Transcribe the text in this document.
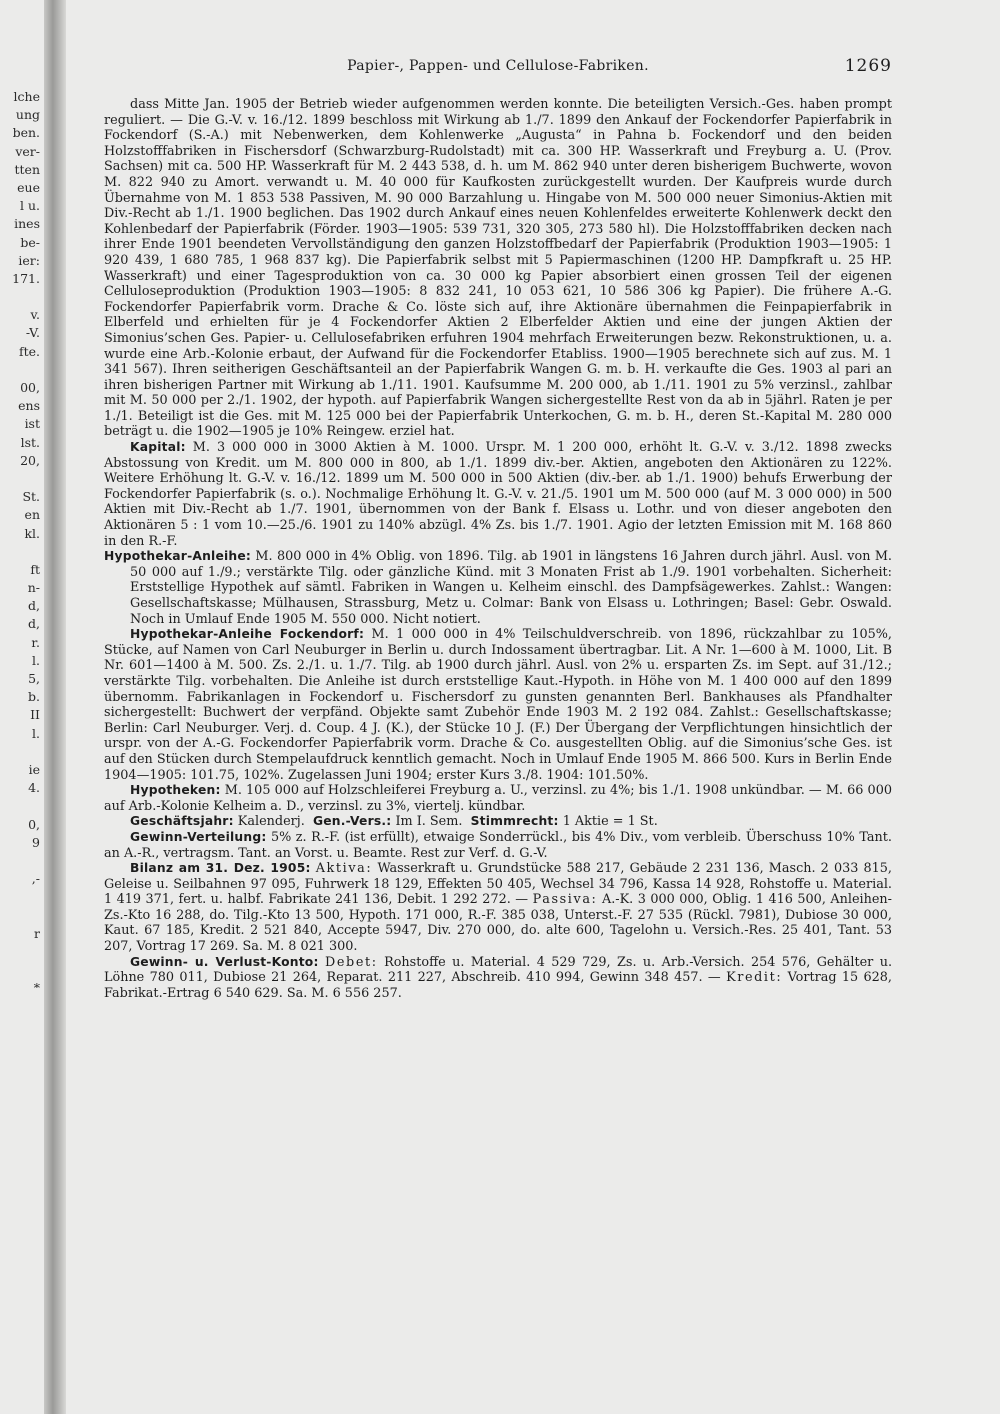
lche
ung
ben.
ver-
tten
eue
l u.
ines
be-
ier:
171.
v.
-V.
fte.
00,
ens
ist
lst.
20,
St.
en
kl.
ft
n-
d,
d,
r.
l.
5,
b.
II
l.
ie
4.
0,
9
,-
r
*
Papier-, Pappen- und Cellulose-Fabriken.	1269

dass Mitte Jan. 1905 der Betrieb wieder aufgenommen werden konnte. Die beteiligten Versich.-Ges. haben prompt reguliert. — Die G.-V. v. 16./12. 1899 beschloss mit Wirkung ab 1./7. 1899 den Ankauf der Fockendorfer Papierfabrik in Fockendorf (S.-A.) mit Nebenwerken, dem Kohlenwerke „Augusta“ in Pahna b. Fockendorf und den beiden Holzstofffabriken in Fischersdorf (Schwarzburg-Rudolstadt) mit ca. 300 HP. Wasserkraft und Freyburg a. U. (Prov. Sachsen) mit ca. 500 HP. Wasserkraft für M. 2 443 538, d. h. um M. 862 940 unter deren bisherigem Buchwerte, wovon M. 822 940 zu Amort. verwandt u. M. 40 000 für Kaufkosten zurückgestellt wurden. Der Kaufpreis wurde durch Übernahme von M. 1 853 538 Passiven, M. 90 000 Barzahlung u. Hingabe von M. 500 000 neuer Simonius-Aktien mit Div.-Recht ab 1./1. 1900 beglichen. Das 1902 durch Ankauf eines neuen Kohlenfeldes erweiterte Kohlenwerk deckt den Kohlenbedarf der Papierfabrik (Förder. 1903—1905: 539 731, 320 305, 273 580 hl). Die Holzstofffabriken decken nach ihrer Ende 1901 beendeten Vervollständigung den ganzen Holzstoffbedarf der Papierfabrik (Produktion 1903—1905: 1 920 439, 1 680 785, 1 968 837 kg). Die Papierfabrik selbst mit 5 Papiermaschinen (1200 HP. Dampfkraft u. 25 HP. Wasserkraft) und einer Tagesproduktion von ca. 30 000 kg Papier absorbiert einen grossen Teil der eigenen Celluloseproduktion (Produktion 1903—1905: 8 832 241, 10 053 621, 10 586 306 kg Papier). Die frühere A.-G. Fockendorfer Papierfabrik vorm. Drache & Co. löste sich auf, ihre Aktionäre übernahmen die Feinpapierfabrik in Elberfeld und erhielten für je 4 Fockendorfer Aktien 2 Elberfelder Aktien und eine der jungen Aktien der Simonius’schen Ges. Papier- u. Cellulosefabriken erfuhren 1904 mehrfach Erweiterungen bezw. Rekonstruktionen, u. a. wurde eine Arb.-Kolonie erbaut, der Aufwand für die Fockendorfer Etabliss. 1900—1905 berechnete sich auf zus. M. 1 341 567). Ihren seitherigen Geschäftsanteil an der Papierfabrik Wangen G. m. b. H. verkaufte die Ges. 1903 al pari an ihren bisherigen Partner mit Wirkung ab 1./11. 1901. Kaufsumme M. 200 000, ab 1./11. 1901 zu 5% verzinsl., zahlbar mit M. 50 000 per 2./1. 1902, der hypoth. auf Papierfabrik Wangen sichergestellte Rest von da ab in 5jährl. Raten je per 1./1. Beteiligt ist die Ges. mit M. 125 000 bei der Papierfabrik Unterkochen, G. m. b. H., deren St.-Kapital M. 280 000 beträgt u. die 1902—1905 je 10% Reingew. erziel hat.

Kapital: M. 3 000 000 in 3000 Aktien à M. 1000. Urspr. M. 1 200 000, erhöht lt. G.-V. v. 3./12. 1898 zwecks Abstossung von Kredit. um M. 800 000 in 800, ab 1./1. 1899 div.-ber. Aktien, angeboten den Aktionären zu 122%. Weitere Erhöhung lt. G.-V. v. 16./12. 1899 um M. 500 000 in 500 Aktien (div.-ber. ab 1./1. 1900) behufs Erwerbung der Fockendorfer Papierfabrik (s. o.). Nochmalige Erhöhung lt. G.-V. v. 21./5. 1901 um M. 500 000 (auf M. 3 000 000) in 500 Aktien mit Div.-Recht ab 1./7. 1901, übernommen von der Bank f. Elsass u. Lothr. und von dieser angeboten den Aktionären 5 : 1 vom 10.—25./6. 1901 zu 140% abzügl. 4% Zs. bis 1./7. 1901. Agio der letzten Emission mit M. 168 860 in den R.-F.

Hypothekar-Anleihe: M. 800 000 in 4% Oblig. von 1896. Tilg. ab 1901 in längstens 16 Jahren durch jährl. Ausl. von M. 50 000 auf 1./9.; verstärkte Tilg. oder gänzliche Künd. mit 3 Monaten Frist ab 1./9. 1901 vorbehalten. Sicherheit: Erststellige Hypothek auf sämtl. Fabriken in Wangen u. Kelheim einschl. des Dampfsägewerkes. Zahlst.: Wangen: Gesellschaftskasse; Mülhausen, Strassburg, Metz u. Colmar: Bank von Elsass u. Lothringen; Basel: Gebr. Oswald. Noch in Umlauf Ende 1905 M. 550 000. Nicht notiert.

Hypothekar-Anleihe Fockendorf: M. 1 000 000 in 4% Teilschuldverschreib. von 1896, rückzahlbar zu 105%, Stücke, auf Namen von Carl Neuburger in Berlin u. durch Indossament übertragbar. Lit. A Nr. 1—600 à M. 1000, Lit. B Nr. 601—1400 à M. 500. Zs. 2./1. u. 1./7. Tilg. ab 1900 durch jährl. Ausl. von 2% u. ersparten Zs. im Sept. auf 31./12.; verstärkte Tilg. vorbehalten. Die Anleihe ist durch erststellige Kaut.-Hypoth. in Höhe von M. 1 400 000 auf den 1899 übernomm. Fabrikanlagen in Fockendorf u. Fischersdorf zu gunsten genannten Berl. Bankhauses als Pfandhalter sichergestellt: Buchwert der verpfänd. Objekte samt Zubehör Ende 1903 M. 2 192 084. Zahlst.: Gesellschaftskasse; Berlin: Carl Neuburger. Verj. d. Coup. 4 J. (K.), der Stücke 10 J. (F.) Der Übergang der Verpflichtungen hinsichtlich der urspr. von der A.-G. Fockendorfer Papierfabrik vorm. Drache & Co. ausgestellten Oblig. auf die Simonius’sche Ges. ist auf den Stücken durch Stempelaufdruck kenntlich gemacht. Noch in Umlauf Ende 1905 M. 866 500. Kurs in Berlin Ende 1904—1905: 101.75, 102%. Zugelassen Juni 1904; erster Kurs 3./8. 1904: 101.50%.

Hypotheken: M. 105 000 auf Holzschleiferei Freyburg a. U., verzinsl. zu 4%; bis 1./1. 1908 unkündbar. — M. 66 000 auf Arb.-Kolonie Kelheim a. D., verzinsl. zu 3%, viertelj. kündbar.

Geschäftsjahr: Kalenderj. Gen.-Vers.: Im I. Sem. Stimmrecht: 1 Aktie = 1 St.

Gewinn-Verteilung: 5% z. R.-F. (ist erfüllt), etwaige Sonderrückl., bis 4% Div., vom verbleib. Überschuss 10% Tant. an A.-R., vertragsm. Tant. an Vorst. u. Beamte. Rest zur Verf. d. G.-V.

Bilanz am 31. Dez. 1905: Aktiva: Wasserkraft u. Grundstücke 588 217, Gebäude 2 231 136, Masch. 2 033 815, Geleise u. Seilbahnen 97 095, Fuhrwerk 18 129, Effekten 50 405, Wechsel 34 796, Kassa 14 928, Rohstoffe u. Material. 1 419 371, fert. u. halbf. Fabrikate 241 136, Debit. 1 292 272. — Passiva: A.-K. 3 000 000, Oblig. 1 416 500, Anleihen-Zs.-Kto 16 288, do. Tilg.-Kto 13 500, Hypoth. 171 000, R.-F. 385 038, Unterst.-F. 27 535 (Rückl. 7981), Dubiose 30 000, Kaut. 67 185, Kredit. 2 521 840, Accepte 5947, Div. 270 000, do. alte 600, Tagelohn u. Versich.-Res. 25 401, Tant. 53 207, Vortrag 17 269. Sa. M. 8 021 300.

Gewinn- u. Verlust-Konto: Debet: Rohstoffe u. Material. 4 529 729, Zs. u. Arb.-Versich. 254 576, Gehälter u. Löhne 780 011, Dubiose 21 264, Reparat. 211 227, Abschreib. 410 994, Gewinn 348 457. — Kredit: Vortrag 15 628, Fabrikat.-Ertrag 6 540 629. Sa. M. 6 556 257.
